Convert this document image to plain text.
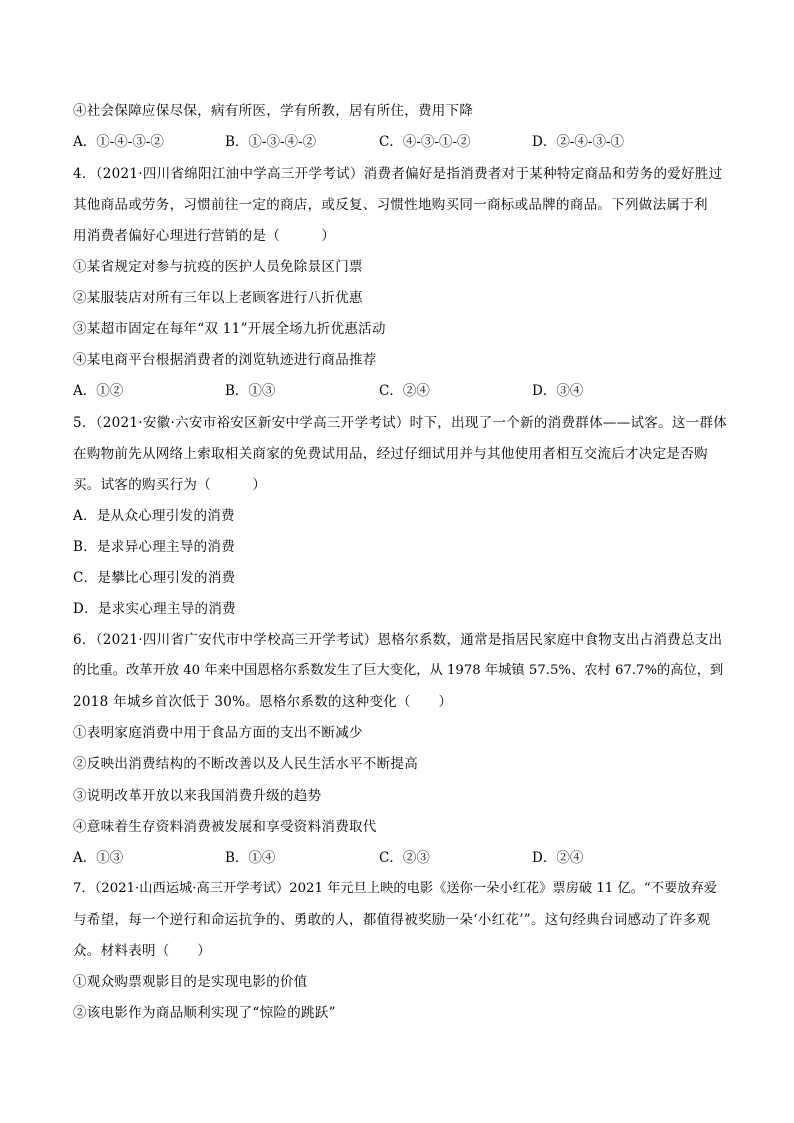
④社会保障应保尽保，病有所医，学有所教，居有所住，费用下降
A．①-④-③-②	B．①-③-④-②	C．④-③-①-②	D．②-④-③-①
4．（2021·四川省绵阳江油中学高三开学考试）消费者偏好是指消费者对于某种特定商品和劳务的爱好胜过
其他商品或劳务，习惯前往一定的商店，或反复、习惯性地购买同一商标或品牌的商品。下列做法属于利
用消费者偏好心理进行营销的是（　　　）
①某省规定对参与抗疫的医护人员免除景区门票
②某服装店对所有三年以上老顾客进行八折优惠
③某超市固定在每年“双 11”开展全场九折优惠活动
④某电商平台根据消费者的浏览轨迹进行商品推荐
A．①②	B．①③	C．②④	D．③④
5．（2021·安徽·六安市裕安区新安中学高三开学考试）时下，出现了一个新的消费群体——试客。这一群体
在购物前先从网络上索取相关商家的免费试用品，经过仔细试用并与其他使用者相互交流后才决定是否购
买。试客的购买行为（　　　）
A．是从众心理引发的消费
B．是求异心理主导的消费
C．是攀比心理引发的消费
D．是求实心理主导的消费
6．（2021·四川省广安代市中学校高三开学考试）恩格尔系数，通常是指居民家庭中食物支出占消费总支出
的比重。改革开放 40 年来中国恩格尔系数发生了巨大变化，从 1978 年城镇 57.5%、农村 67.7%的高位，到
2018 年城乡首次低于 30%。恩格尔系数的这种变化（　　）
①表明家庭消费中用于食品方面的支出不断减少
②反映出消费结构的不断改善以及人民生活水平不断提高
③说明改革开放以来我国消费升级的趋势
④意味着生存资料消费被发展和享受资料消费取代
A．①③	B．①④	C．②③	D．②④
7．（2021·山西运城·高三开学考试）2021 年元旦上映的电影《送你一朵小红花》票房破 11 亿。“不要放弃爱
与希望，每一个逆行和命运抗争的、勇敢的人，都值得被奖励一朵‘小红花’”。这句经典台词感动了许多观
众。材料表明（　　）
①观众购票观影目的是实现电影的价值
②该电影作为商品顺利实现了“惊险的跳跃”
